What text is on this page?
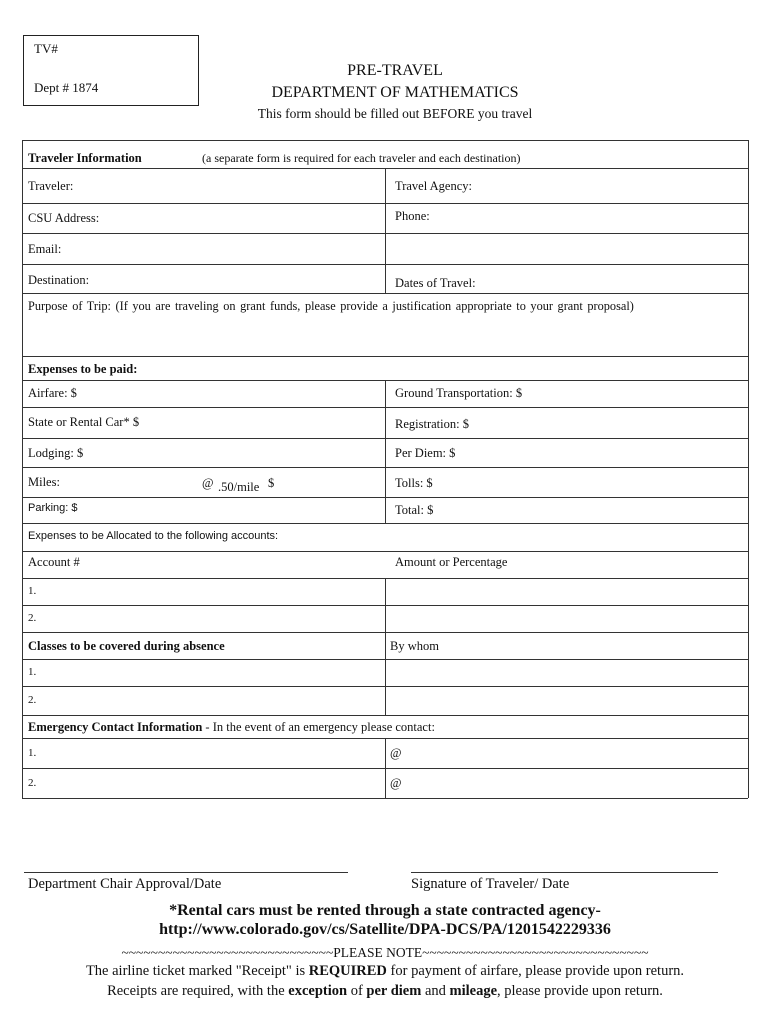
TV#
Dept # 1874
PRE-TRAVEL
DEPARTMENT OF MATHEMATICS
This form should be filled out BEFORE you travel
Traveler Information	(a separate form is required for each traveler and each destination)
Traveler:	Travel Agency:
CSU Address:	Phone:
Email:
Destination:	Dates of Travel:
Purpose of Trip: (If you are traveling on grant funds, please provide a justification appropriate to your grant proposal)
Expenses to be paid:
Airfare: $	Ground Transportation: $
State or Rental Car* $	Registration: $
Lodging: $	Per Diem: $
Miles:	@ .50/mile $	Tolls: $
Parking: $	Total: $
Expenses to be Allocated to the following accounts:
Account #	Amount or Percentage
1.
2.
Classes to be covered during absence	By whom
1.
2.
Emergency Contact Information - In the event of an emergency please contact:
1.	@
2.	@
Department Chair Approval/Date	Signature of Traveler/ Date
*Rental cars must be rented through a state contracted agency-
http://www.colorado.gov/cs/Satellite/DPA-DCS/PA/1201542229336
~~~~~~~~~~~~~~~~~~~~~~~~~~~~~PLEASE NOTE~~~~~~~~~~~~~~~~~~~~~~~~~~~~~~~
The airline ticket marked "Receipt" is REQUIRED for payment of airfare, please provide upon return.
Receipts are required, with the exception of per diem and mileage, please provide upon return.
